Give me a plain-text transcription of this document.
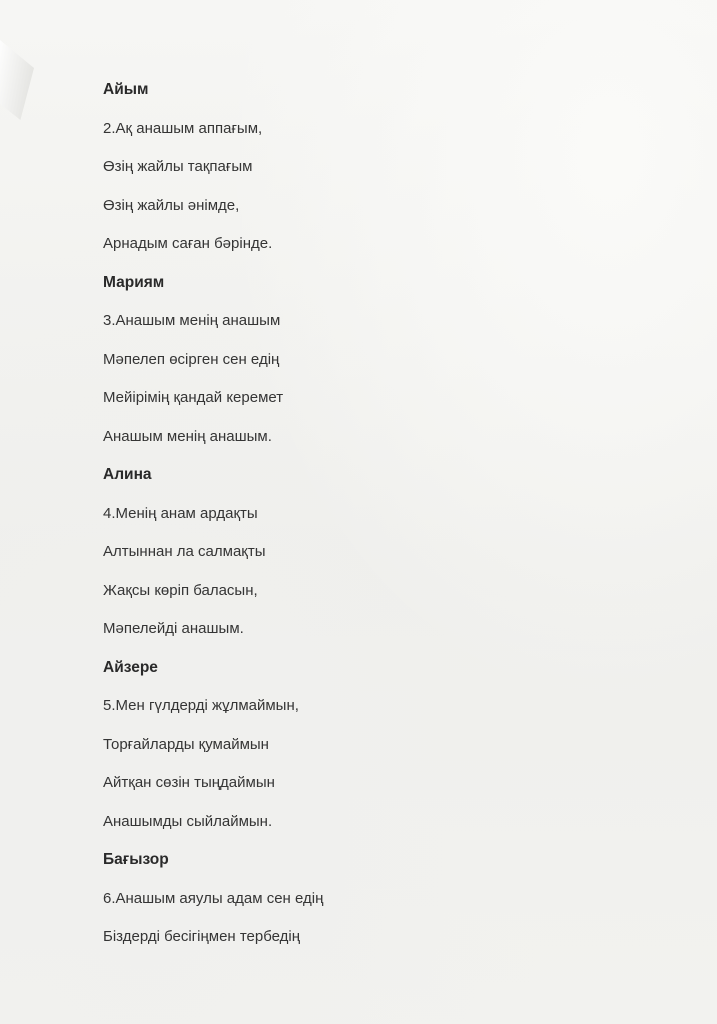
Айым
2.Ақ анашым аппағым,
Өзің жайлы тақпағым
Өзің жайлы әнімде,
Арнадым саған бәрінде.
Мариям
3.Анашым менің анашым
Мәпелеп өсірген сен едің
Мейірімің қандай керемет
Анашым менің анашым.
Алина
4.Менің анам ардақты
Алтыннан ла салмақты
Жақсы көріп баласын,
Мәпелейді анашым.
Айзере
5.Мен гүлдерді жұлмаймын,
Торғайларды қумаймын
Айтқан сөзін тыңдаймын
Анашымды сыйлаймын.
Бағызор
6.Анашым аяулы адам сен едің
Біздерді бесігіңмен тербедің
